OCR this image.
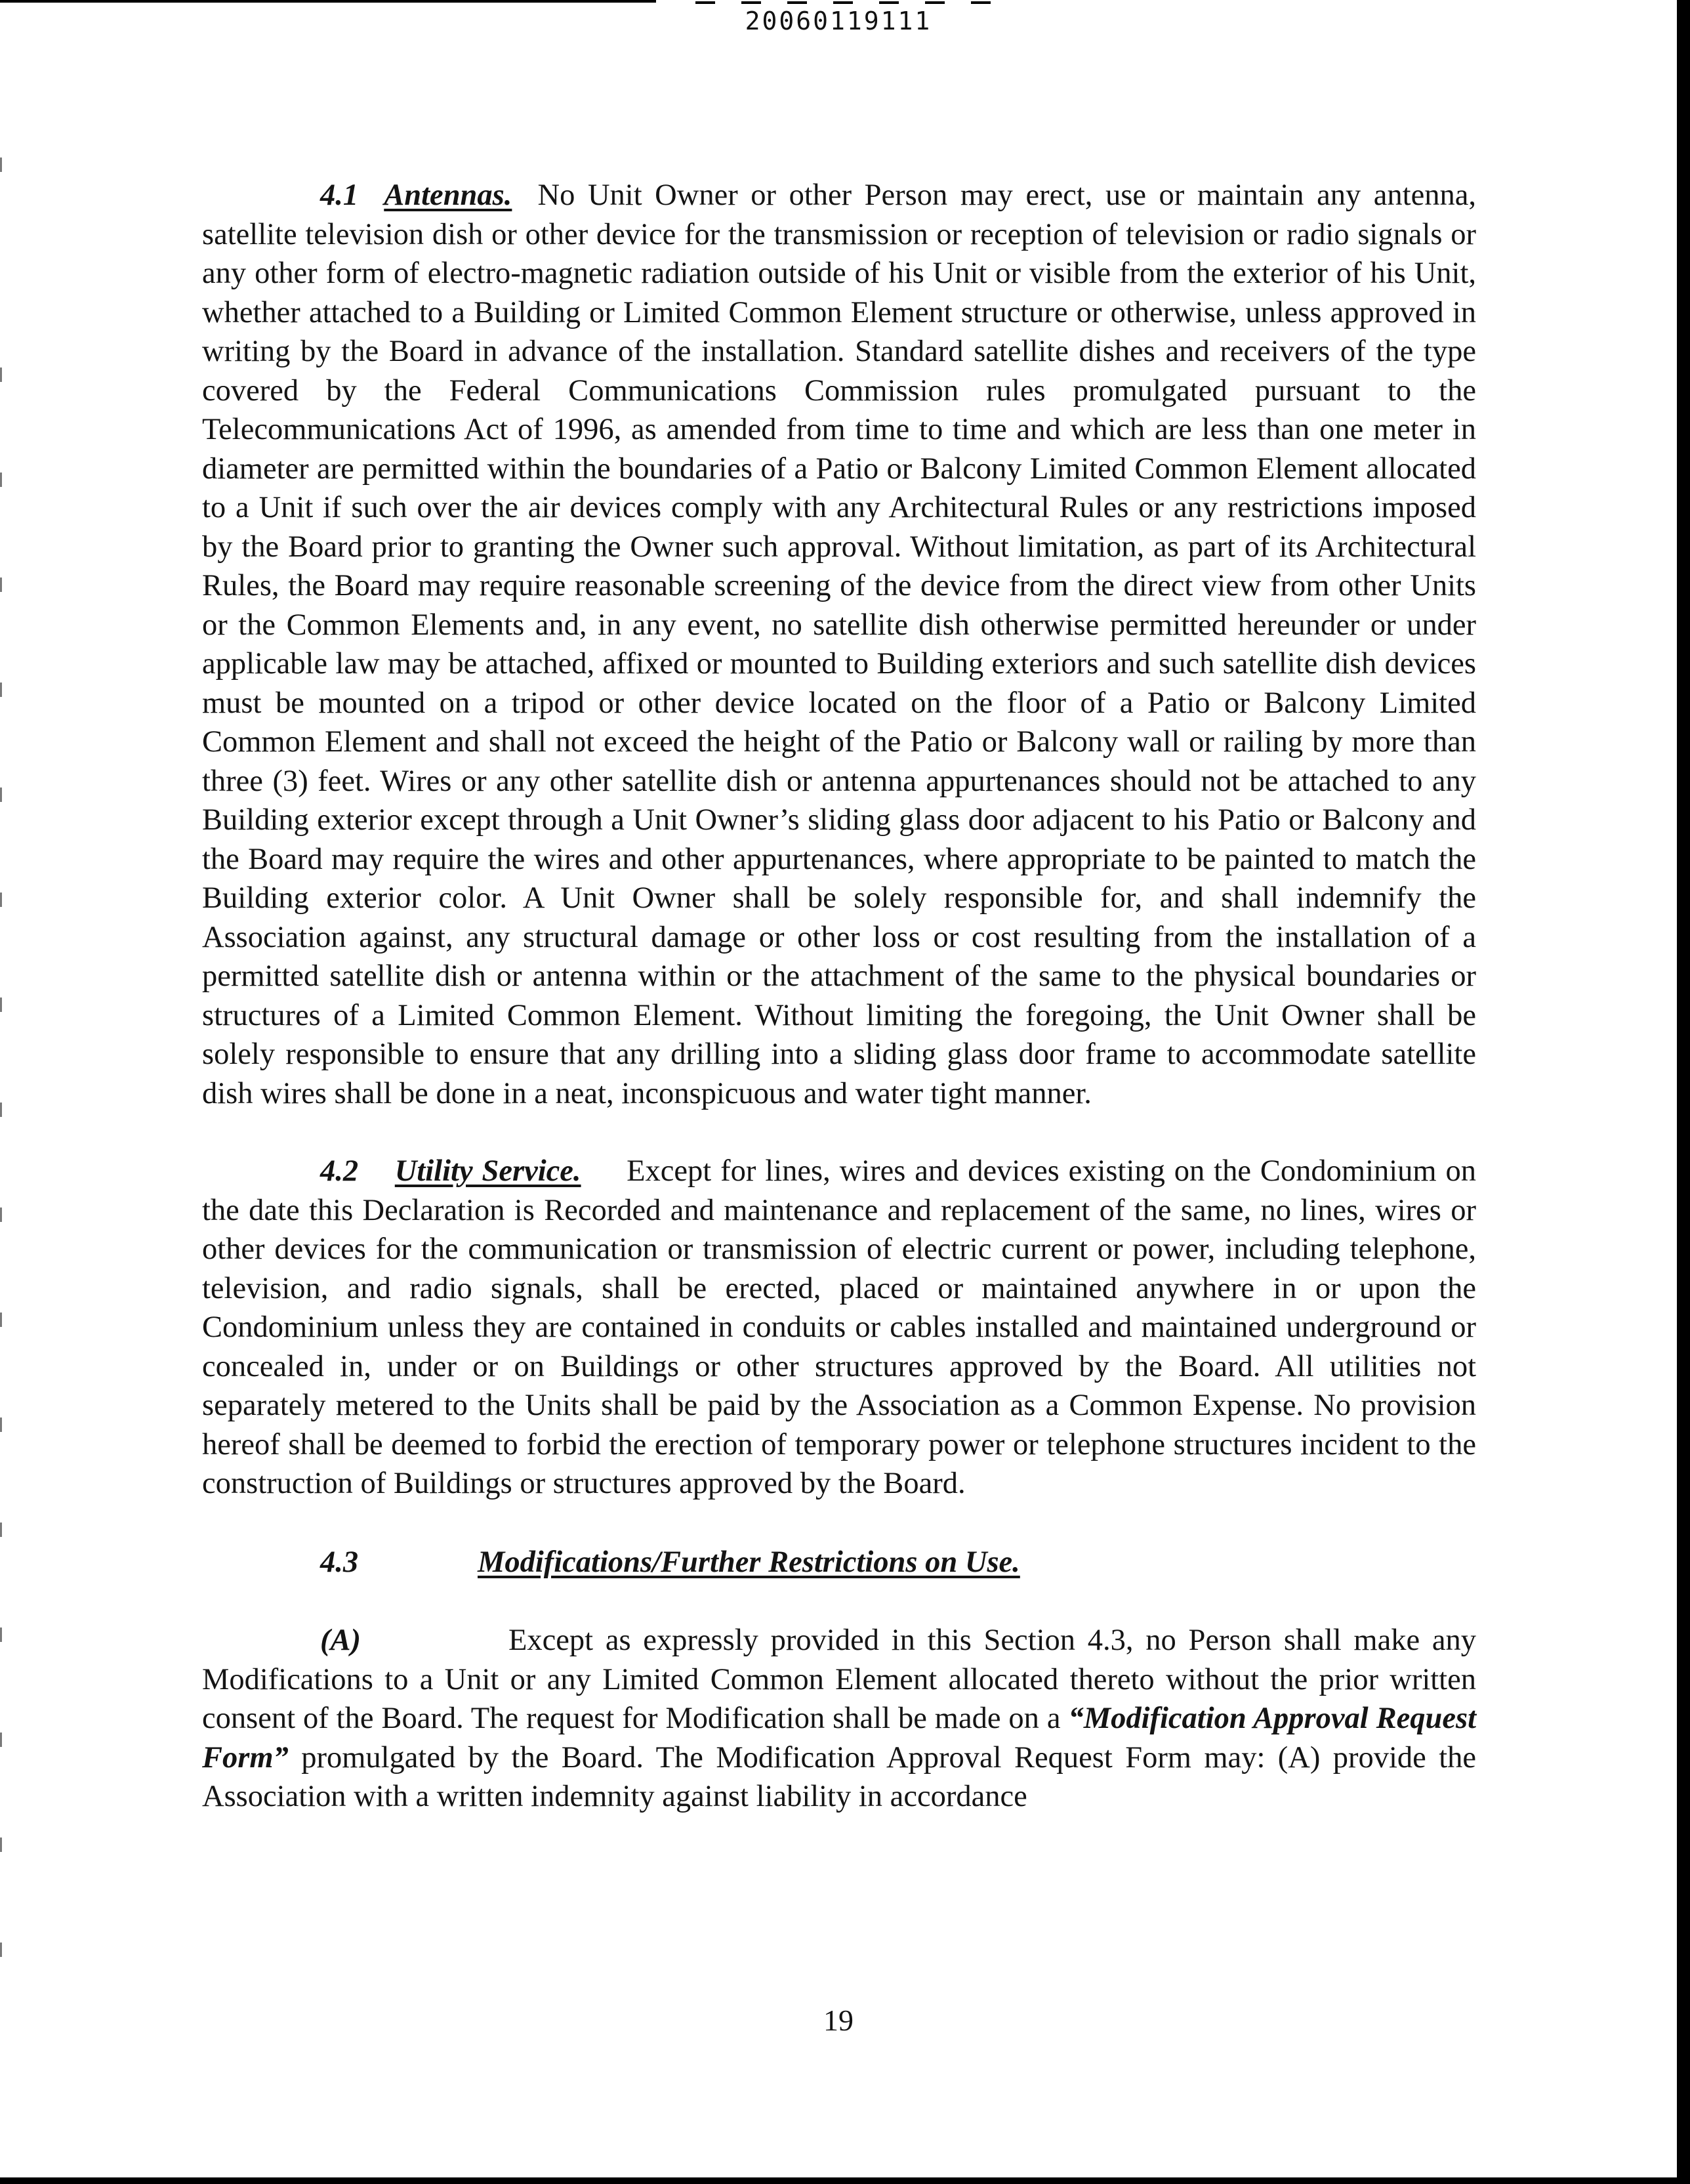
20060119111

4.1 Antennas. No Unit Owner or other Person may erect, use or maintain any antenna, satellite television dish or other device for the transmission or reception of television or radio signals or any other form of electro-magnetic radiation outside of his Unit or visible from the exterior of his Unit, whether attached to a Building or Limited Common Element structure or otherwise, unless approved in writing by the Board in advance of the installation. Standard satellite dishes and receivers of the type covered by the Federal Communications Commission rules promulgated pursuant to the Telecommunications Act of 1996, as amended from time to time and which are less than one meter in diameter are permitted within the boundaries of a Patio or Balcony Limited Common Element allocated to a Unit if such over the air devices comply with any Architectural Rules or any restrictions imposed by the Board prior to granting the Owner such approval. Without limitation, as part of its Architectural Rules, the Board may require reasonable screening of the device from the direct view from other Units or the Common Elements and, in any event, no satellite dish otherwise permitted hereunder or under applicable law may be attached, affixed or mounted to Building exteriors and such satellite dish devices must be mounted on a tripod or other device located on the floor of a Patio or Balcony Limited Common Element and shall not exceed the height of the Patio or Balcony wall or railing by more than three (3) feet. Wires or any other satellite dish or antenna appurtenances should not be attached to any Building exterior except through a Unit Owner’s sliding glass door adjacent to his Patio or Balcony and the Board may require the wires and other appurtenances, where appropriate to be painted to match the Building exterior color. A Unit Owner shall be solely responsible for, and shall indemnify the Association against, any structural damage or other loss or cost resulting from the installation of a permitted satellite dish or antenna within or the attachment of the same to the physical boundaries or structures of a Limited Common Element. Without limiting the foregoing, the Unit Owner shall be solely responsible to ensure that any drilling into a sliding glass door frame to accommodate satellite dish wires shall be done in a neat, inconspicuous and water tight manner.

4.2 Utility Service. Except for lines, wires and devices existing on the Condominium on the date this Declaration is Recorded and maintenance and replacement of the same, no lines, wires or other devices for the communication or transmission of electric current or power, including telephone, television, and radio signals, shall be erected, placed or maintained anywhere in or upon the Condominium unless they are contained in conduits or cables installed and maintained underground or concealed in, under or on Buildings or other structures approved by the Board. All utilities not separately metered to the Units shall be paid by the Association as a Common Expense. No provision hereof shall be deemed to forbid the erection of temporary power or telephone structures incident to the construction of Buildings or structures approved by the Board.

4.3	Modifications/Further Restrictions on Use.

(A)	Except as expressly provided in this Section 4.3, no Person shall make any Modifications to a Unit or any Limited Common Element allocated thereto without the prior written consent of the Board. The request for Modification shall be made on a “Modification Approval Request Form” promulgated by the Board. The Modification Approval Request Form may: (A) provide the Association with a written indemnity against liability in accordance

19
